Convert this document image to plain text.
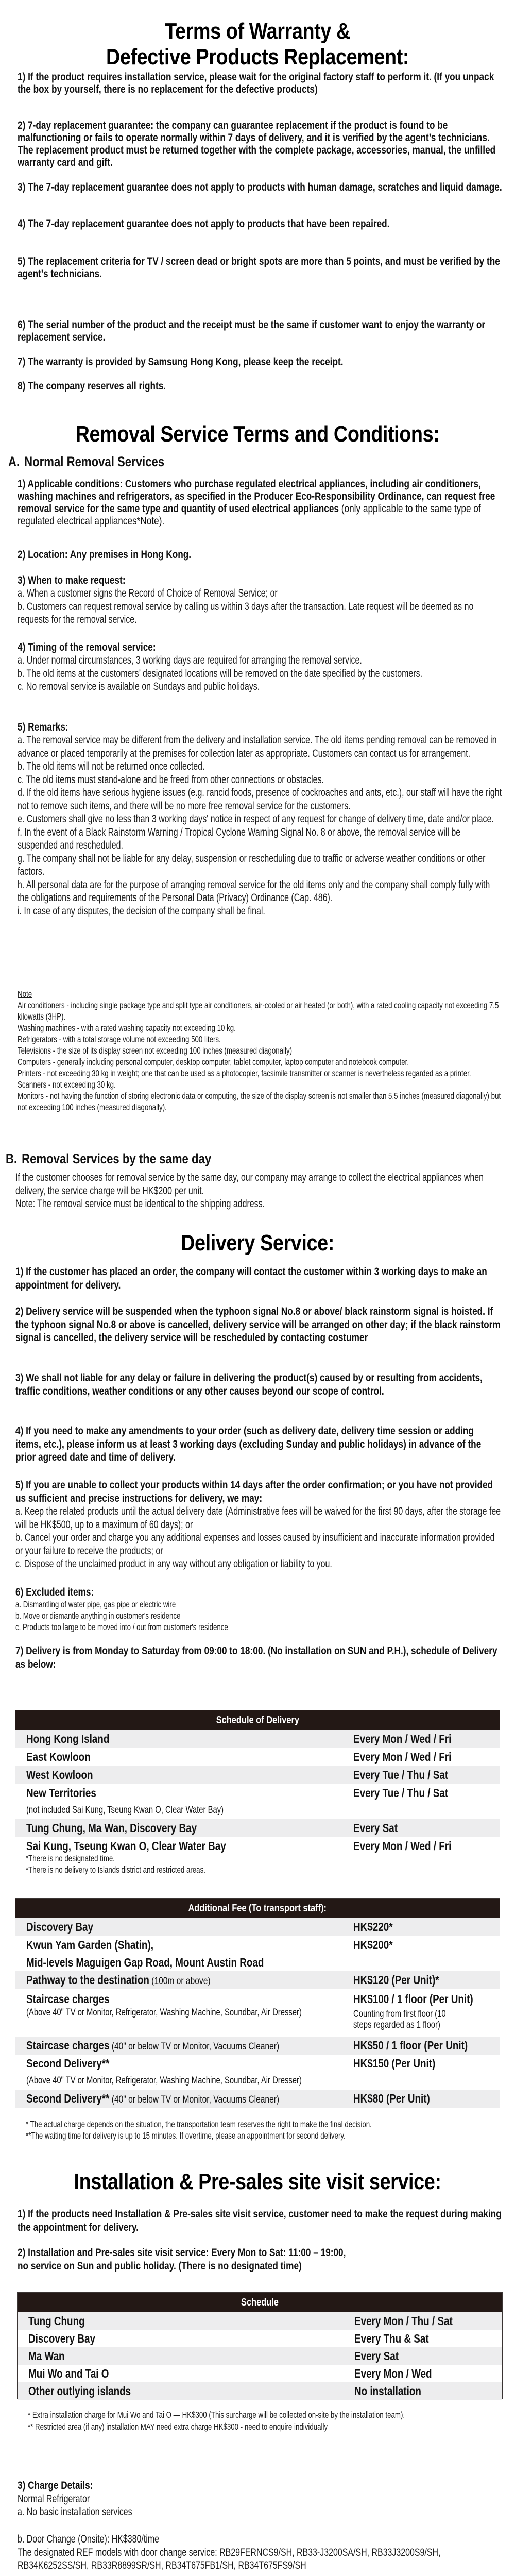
Terms of Warranty &
Defective Products Replacement:
1) If the product requires installation service, please wait for the original factory staff to perform it. (If you unpack the box by yourself, there is no replacement for the defective products)
2) 7-day replacement guarantee: the company can guarantee replacement if the product is found to be malfunctioning or fails to operate normally within 7 days of delivery, and it is verified by the agent’s technicians. The replacement product must be returned together with the complete package, accessories, manual, the unfilled warranty card and gift.
3) The 7-day replacement guarantee does not apply to products with human damage, scratches and liquid damage.
4) The 7-day replacement guarantee does not apply to products that have been repaired.
5) The replacement criteria for TV / screen dead or bright spots are more than 5 points, and must be verified by the agent's technicians.
6) The serial number of the product and the receipt must be the same if customer want to enjoy the warranty or replacement service.
7) The warranty is provided by Samsung Hong Kong, please keep the receipt.
8) The company reserves all rights.
Removal Service Terms and Conditions:
A. Normal Removal Services
1) Applicable conditions: Customers who purchase regulated electrical appliances, including air conditioners, washing machines and refrigerators, as specified in the Producer Eco-Responsibility Ordinance, can request free removal service for the same type and quantity of used electrical appliances (only applicable to the same type of regulated electrical appliances*Note).
2) Location: Any premises in Hong Kong.
3) When to make request:
a. When a customer signs the Record of Choice of Removal Service; or
b. Customers can request removal service by calling us within 3 days after the transaction. Late request will be deemed as no requests for the removal service.
4) Timing of the removal service:
a. Under normal circumstances, 3 working days are required for arranging the removal service.
b. The old items at the customers’ designated locations will be removed on the date specified by the customers.
c. No removal service is available on Sundays and public holidays.
5) Remarks:
a. The removal service may be different from the delivery and installation service. The old items pending removal can be removed in advance or placed temporarily at the premises for collection later as appropriate. Customers can contact us for arrangement.
b. The old items will not be returned once collected.
c. The old items must stand-alone and be freed from other connections or obstacles.
d. If the old items have serious hygiene issues (e.g. rancid foods, presence of cockroaches and ants, etc.), our staff will have the right not to remove such items, and there will be no more free removal service for the customers.
e. Customers shall give no less than 3 working days' notice in respect of any request for change of delivery time, date and/or place.
f. In the event of a Black Rainstorm Warning / Tropical Cyclone Warning Signal No. 8 or above, the removal service will be suspended and rescheduled.
g. The company shall not be liable for any delay, suspension or rescheduling due to traffic or adverse weather conditions or other factors.
h. All personal data are for the purpose of arranging removal service for the old items only and the company shall comply fully with the obligations and requirements of the Personal Data (Privacy) Ordinance (Cap. 486).
i. In case of any disputes, the decision of the company shall be final.
Note
Air conditioners - including single package type and split type air conditioners, air-cooled or air heated (or both), with a rated cooling capacity not exceeding 7.5 kilowatts (3HP).
Washing machines - with a rated washing capacity not exceeding 10 kg.
Refrigerators - with a total storage volume not exceeding 500 liters.
Televisions - the size of its display screen not exceeding 100 inches (measured diagonally)
Computers - generally including personal computer, desktop computer, tablet computer, laptop computer and notebook computer.
Printers - not exceeding 30 kg in weight; one that can be used as a photocopier, facsimile transmitter or scanner is nevertheless regarded as a printer.
Scanners - not exceeding 30 kg.
Monitors - not having the function of storing electronic data or computing, the size of the display screen is not smaller than 5.5 inches (measured diagonally) but not exceeding 100 inches (measured diagonally).
B. Removal Services by the same day
If the customer chooses for removal service by the same day, our company may arrange to collect the electrical appliances when delivery, the service charge will be HK$200 per unit.
Note: The removal service must be identical to the shipping address.
Delivery Service:
1) If the customer has placed an order, the company will contact the customer within 3 working days to make an appointment for delivery.
2) Delivery service will be suspended when the typhoon signal No.8 or above/ black rainstorm signal is hoisted. If the typhoon signal No.8 or above is cancelled, delivery service will be arranged on other day; if the black rainstorm signal is cancelled, the delivery service will be rescheduled by contacting costumer
3) We shall not liable for any delay or failure in delivering the product(s) caused by or resulting from accidents, traffic conditions, weather conditions or any other causes beyond our scope of control.
4) If you need to make any amendments to your order (such as delivery date, delivery time session or adding items, etc.), please inform us at least 3 working days (excluding Sunday and public holidays) in advance of the prior agreed date and time of delivery.
5) If you are unable to collect your products within 14 days after the order confirmation; or you have not provided us sufficient and precise instructions for delivery, we may:
a. Keep the related products until the actual delivery date (Administrative fees will be waived for the first 90 days, after the storage fee will be HK$500, up to a maximum of 60 days); or
b. Cancel your order and charge you any additional expenses and losses caused by insufficient and inaccurate information provided or your failure to receive the products; or
c. Dispose of the unclaimed product in any way without any obligation or liability to you.
6) Excluded items:
a. Dismantling of water pipe, gas pipe or electric wire
b. Move or dismantle anything in customer's residence
c. Products too large to be moved into / out from customer's residence
7) Delivery is from Monday to Saturday from 09:00 to 18:00. (No installation on SUN and P.H.), schedule of Delivery as below:
Schedule of Delivery
Hong Kong Island	Every Mon / Wed / Fri
East Kowloon	Every Mon / Wed / Fri
West Kowloon	Every Tue / Thu / Sat
New Territories	Every Tue / Thu / Sat
(not included Sai Kung, Tseung Kwan O, Clear Water Bay)
Tung Chung, Ma Wan, Discovery Bay	Every Sat
Sai Kung, Tseung Kwan O, Clear Water Bay	Every Mon / Wed / Fri
*There is no designated time.
*There is no delivery to Islands district and restricted areas.
Additional Fee (To transport staff):
Discovery Bay	HK$220*
Kwun Yam Garden (Shatin),	HK$200*
Mid-levels Maguigen Gap Road, Mount Austin Road
Pathway to the destination (100m or above)	HK$120 (Per Unit)*
Staircase charges (Above 40" TV or Monitor, Refrigerator, Washing Machine, Soundbar, Air Dresser)
HK$100 / 1 floor (Per Unit) Counting from first floor (10 steps regarded as 1 floor)
Staircase charges (40" or below TV or Monitor, Vacuums Cleaner)	HK$50 / 1 floor (Per Unit)
Second Delivery**	HK$150 (Per Unit)
(Above 40" TV or Monitor, Refrigerator, Washing Machine, Soundbar, Air Dresser)
Second Delivery** (40" or below TV or Monitor, Vacuums Cleaner)	HK$80 (Per Unit)
* The actual charge depends on the situation, the transportation team reserves the right to make the final decision.
**The waiting time for delivery is up to 15 minutes. If overtime, please an appointment for second delivery.
Installation & Pre-sales site visit service:
1) If the products need Installation & Pre-sales site visit service, customer need to make the request during making the appointment for delivery.
2) Installation and Pre-sales site visit service: Every Mon to Sat: 11:00 – 19:00,
no service on Sun and public holiday. (There is no designated time)
Schedule
Tung Chung	Every Mon / Thu / Sat
Discovery Bay	Every Thu & Sat
Ma Wan	Every Sat
Mui Wo and Tai O	Every Mon / Wed
Other outlying islands	No installation
* Extra installation charge for Mui Wo and Tai O — HK$300 (This surcharge will be collected on-site by the installation team).
** Restricted area (if any) installation MAY need extra charge HK$300 - need to enquire individually
3) Charge Details:
Normal Refrigerator
a. No basic installation services
b. Door Change (Onsite): HK$380/time
The designated REF models with door change service: RB29FERNCS9/SH, RB33-J3200SA/SH, RB33J3200S9/SH, RB34K6252SS/SH, RB33R8899SR/SH, RB34T675FB1/SH, RB34T675FS9/SH
